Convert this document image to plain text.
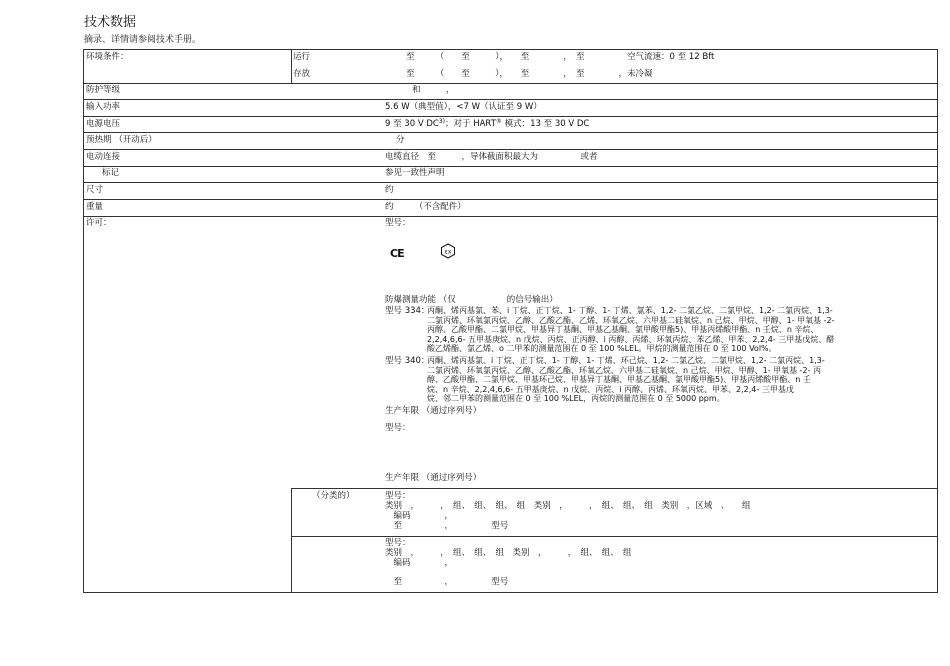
技术数据
摘录、详情请参阅技术手册。
环境条件：	运行	至　　　（　　至　　　），　　至　　　　，　至　　　　　空气流速：0 至 12 Bft
存放	至　　　（　　至　　　），　　至　　　　，　至　　　　，未冷凝
防护等级	和　　　，
输入功率	5.6 W（典型值），<7 W（认证至 9 W）
电源电压	9 至 30 V DC$^{3)}$；对于 HART® 模式：13 至 30 V DC
预热期 （开动后）	分
电动连接	电缆直径　至　　　，导体截面积最大为　　　　　或者
标记	参见一致性声明
尺寸	约
重量	约　　　（不含配件）
许可：	型号：
CE	εx
防爆测量功能 （仅　　　　　　的信号输出）
型号 334：
丙酮、烯丙基氯、苯、i 丁烷、正丁烷、1- 丁醇、1- 丁烯、氯苯、1,2- 二氯乙烷、二氯甲烷、1,2- 二氯丙烷、1,3-
二氯丙烯、环氧氯丙烷、乙醇、乙酸乙酯、乙烯、环氧乙烷、六甲基二硅氧烷、n 己烷、甲烷、甲醇、1- 甲氧基 -2-
丙醇、乙酸甲酯、二氯甲烷、甲基异丁基酮、甲基乙基酮、氯甲酸甲酯5)、甲基丙烯酸甲酯、n 壬烷、n 辛烷、
2,2,4,6,6- 五甲基庚烷、n 戊烷、丙烷、正丙醇、i 丙醇、丙烯、环氧丙烷、苯乙烯、甲苯、2,2,4- 三甲基戊烷、醋
酸乙烯酯、氯乙烯、o 二甲苯的测量范围在 0 至 100 %LEL。甲烷的测量范围在 0 至 100 Vol%。
型号 340：
丙酮、烯丙基氯、i 丁烷、正丁烷、1- 丁醇、1- 丁烯、环己烷、1,2- 二氯乙烷、二氯甲烷、1,2- 二氯丙烷、1,3-
二氯丙烯、环氧氯丙烷、乙醇、乙酸乙酯、环氧乙烷、六甲基二硅氧烷、n 己烷、甲烷、甲醇、1- 甲氧基 -2- 丙
醇、乙酸甲酯、二氯甲烷、甲基环己烷、甲基异丁基酮、甲基乙基酮、氯甲酸甲酯5)、甲基丙烯酸甲酯、n 壬
烷、n 辛烷、2,2,4,6,6- 五甲基庚烷、n 戊烷、丙烷、i 丙醇、丙烯、环氧丙烷、甲苯、2,2,4- 三甲基戊
烷、邻二甲苯的测量范围在 0 至 100 %LEL，丙烷的测量范围在 0 至 5000 ppm。
生产年限 （通过序列号）
型号：
生产年限 （通过序列号）
（分类的）	型号：
类别　，　　　，　组、　组、　组、　组　类别　，　　　，　组、　组、　组　类别　，区域　、　　组
　编码　　　　，
　至　　　　　，　　　　　型号
型号：
类别　，　　　，　组、　组、　组　类别　，　　　，　组、　组、　组
　编码　　　　，
　至　　　　　，　　　　　型号
